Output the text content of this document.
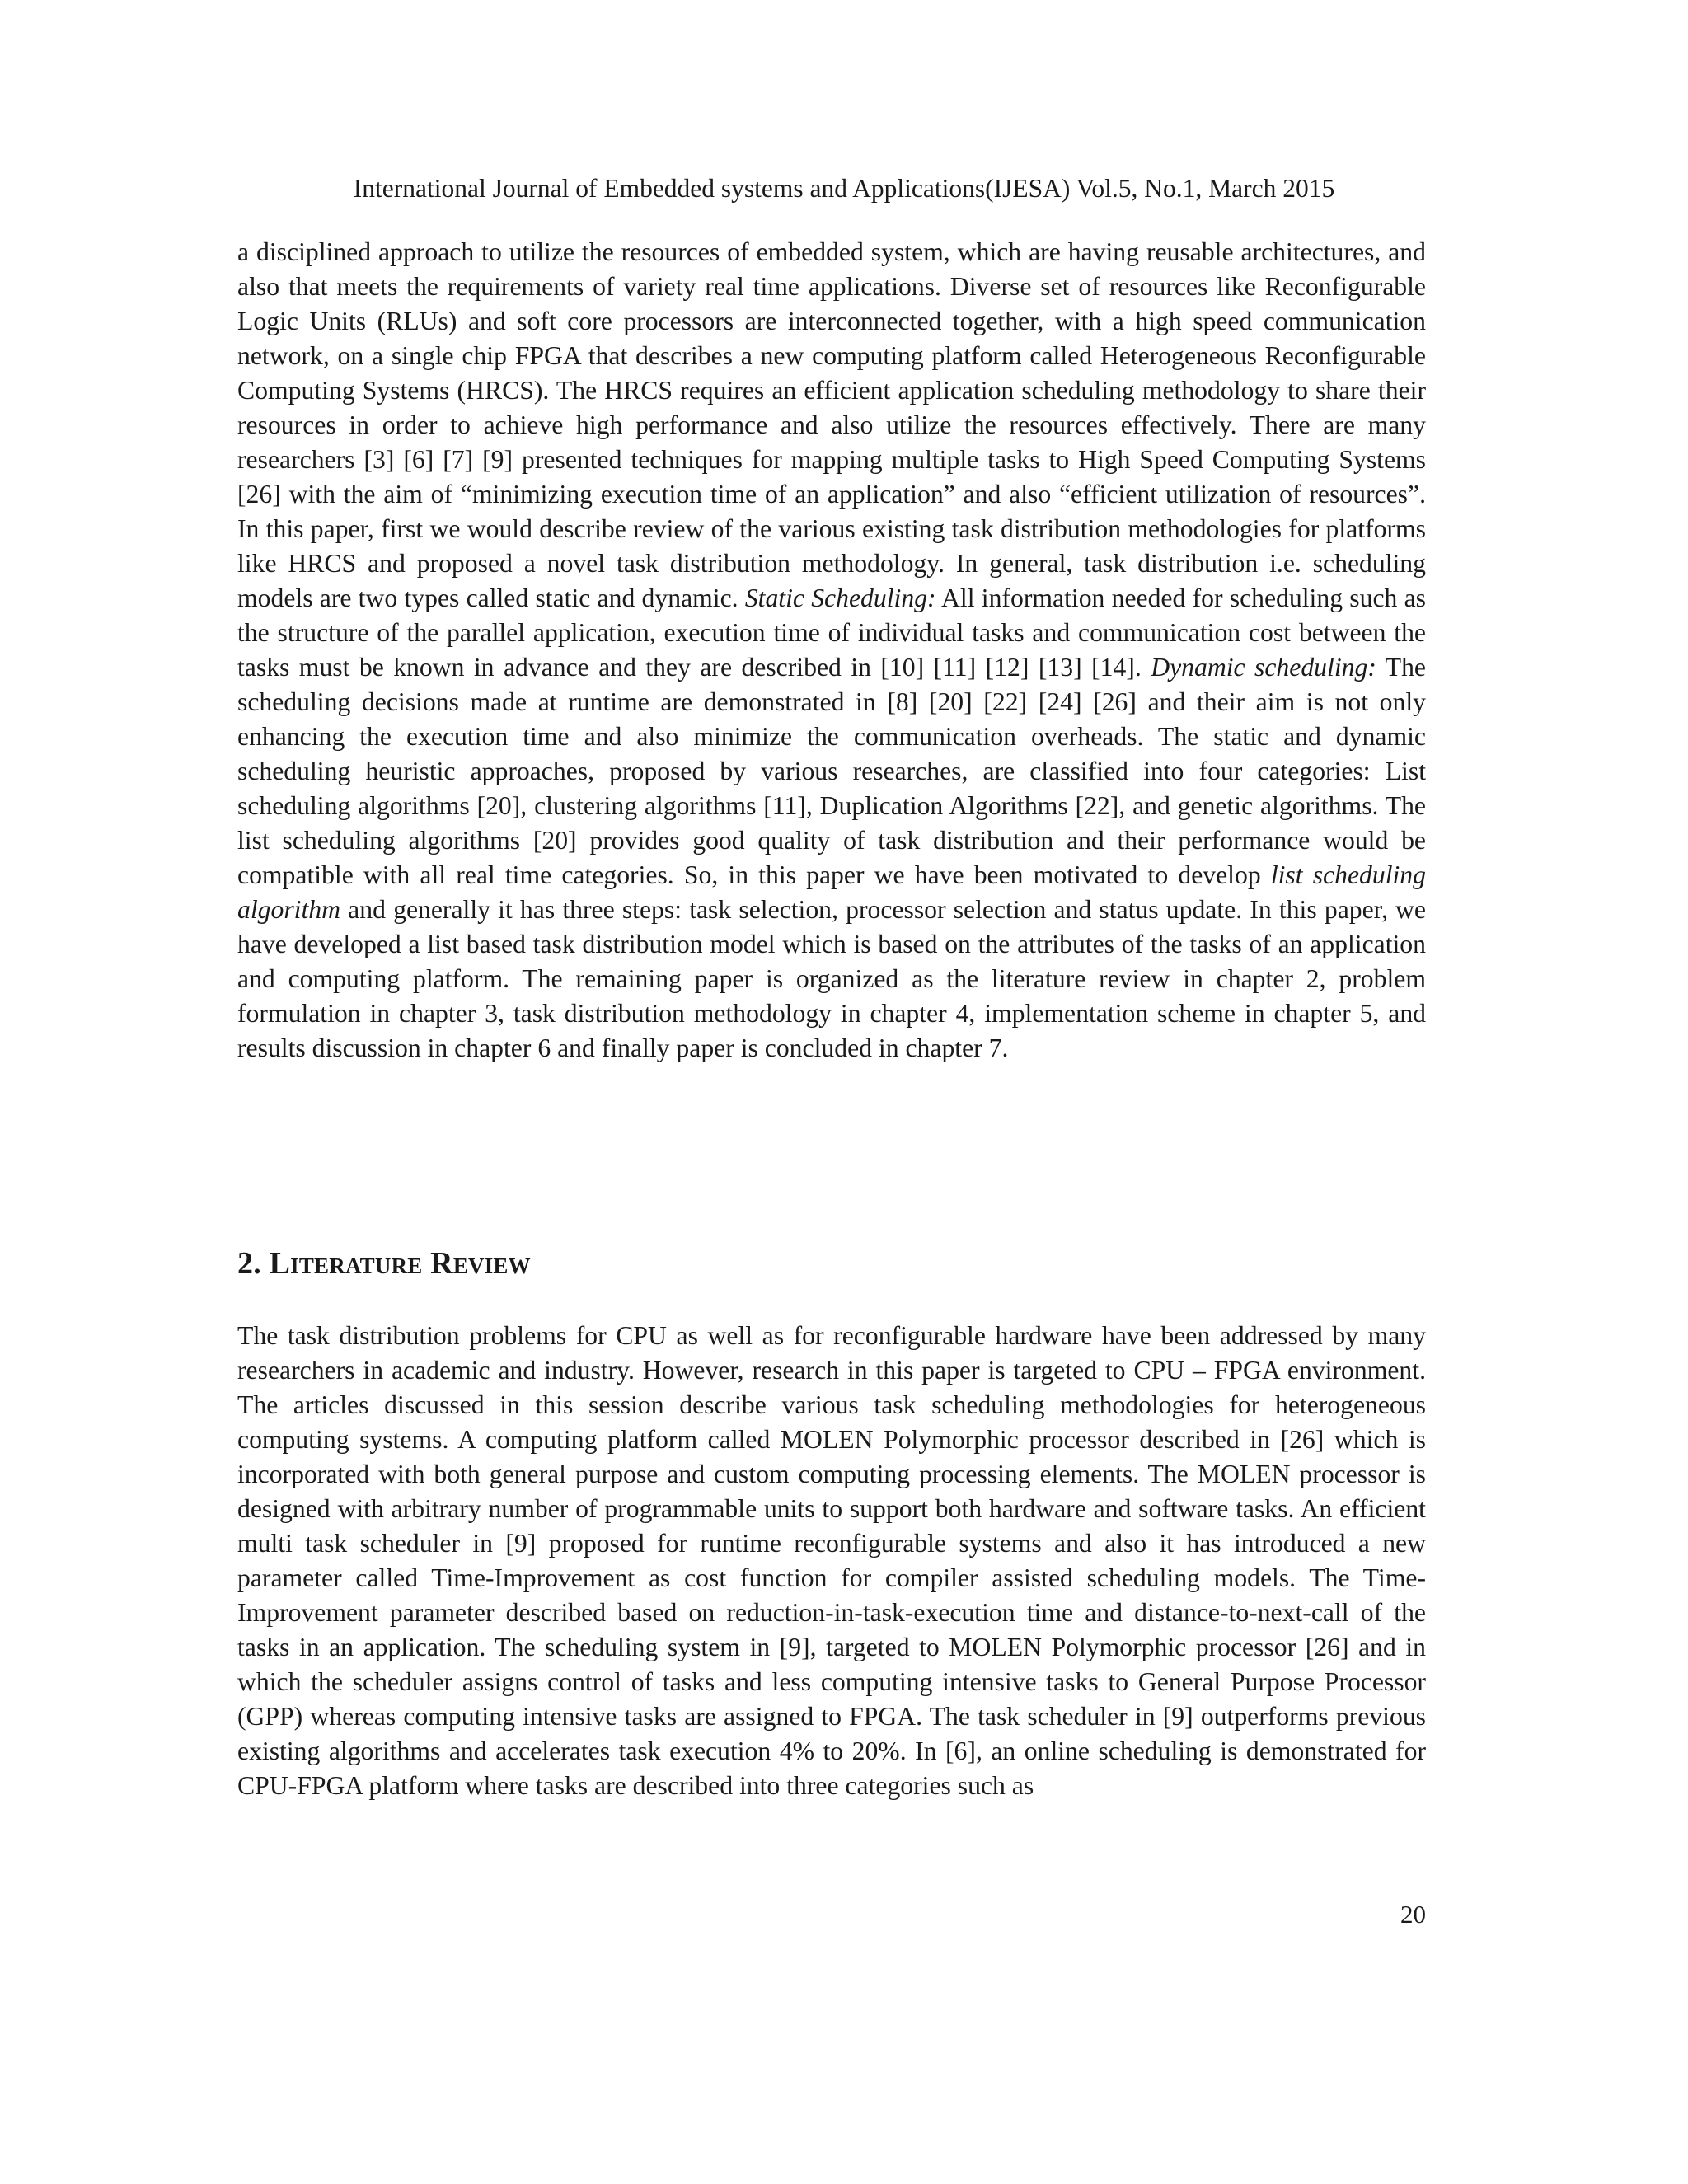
International Journal of Embedded systems and Applications(IJESA) Vol.5, No.1, March 2015

a disciplined approach to utilize the resources of embedded system, which are having reusable architectures, and also that meets the requirements of variety real time applications. Diverse set of resources like Reconfigurable Logic Units (RLUs) and soft core processors are interconnected together, with a high speed communication network, on a single chip FPGA that describes a new computing platform called Heterogeneous Reconfigurable Computing Systems (HRCS). The HRCS requires an efficient application scheduling methodology to share their resources in order to achieve high performance and also utilize the resources effectively. There are many researchers [3] [6] [7] [9] presented techniques for mapping multiple tasks to High Speed Computing Systems [26] with the aim of “minimizing execution time of an application” and also “efficient utilization of resources”. In this paper, first we would describe review of the various existing task distribution methodologies for platforms like HRCS and proposed a novel task distribution methodology. In general, task distribution i.e. scheduling models are two types called static and dynamic. Static Scheduling: All information needed for scheduling such as the structure of the parallel application, execution time of individual tasks and communication cost between the tasks must be known in advance and they are described in [10] [11] [12] [13] [14]. Dynamic scheduling: The scheduling decisions made at runtime are demonstrated in [8] [20] [22] [24] [26] and their aim is not only enhancing the execution time and also minimize the communication overheads. The static and dynamic scheduling heuristic approaches, proposed by various researches, are classified into four categories: List scheduling algorithms [20], clustering algorithms [11], Duplication Algorithms [22], and genetic algorithms. The list scheduling algorithms [20] provides good quality of task distribution and their performance would be compatible with all real time categories. So, in this paper we have been motivated to develop list scheduling algorithm and generally it has three steps: task selection, processor selection and status update. In this paper, we have developed a list based task distribution model which is based on the attributes of the tasks of an application and computing platform. The remaining paper is organized as the literature review in chapter 2, problem formulation in chapter 3, task distribution methodology in chapter 4, implementation scheme in chapter 5, and results discussion in chapter 6 and finally paper is concluded in chapter 7.

2. Literature Review

The task distribution problems for CPU as well as for reconfigurable hardware have been addressed by many researchers in academic and industry. However, research in this paper is targeted to CPU – FPGA environment. The articles discussed in this session describe various task scheduling methodologies for heterogeneous computing systems. A computing platform called MOLEN Polymorphic processor described in [26] which is incorporated with both general purpose and custom computing processing elements. The MOLEN processor is designed with arbitrary number of programmable units to support both hardware and software tasks. An efficient multi task scheduler in [9] proposed for runtime reconfigurable systems and also it has introduced a new parameter called Time-Improvement as cost function for compiler assisted scheduling models. The Time-Improvement parameter described based on reduction-in-task-execution time and distance-to-next-call of the tasks in an application. The scheduling system in [9], targeted to MOLEN Polymorphic processor [26] and in which the scheduler assigns control of tasks and less computing intensive tasks to General Purpose Processor (GPP) whereas computing intensive tasks are assigned to FPGA. The task scheduler in [9] outperforms previous existing algorithms and accelerates task execution 4% to 20%. In [6], an online scheduling is demonstrated for CPU-FPGA platform where tasks are described into three categories such as

20
